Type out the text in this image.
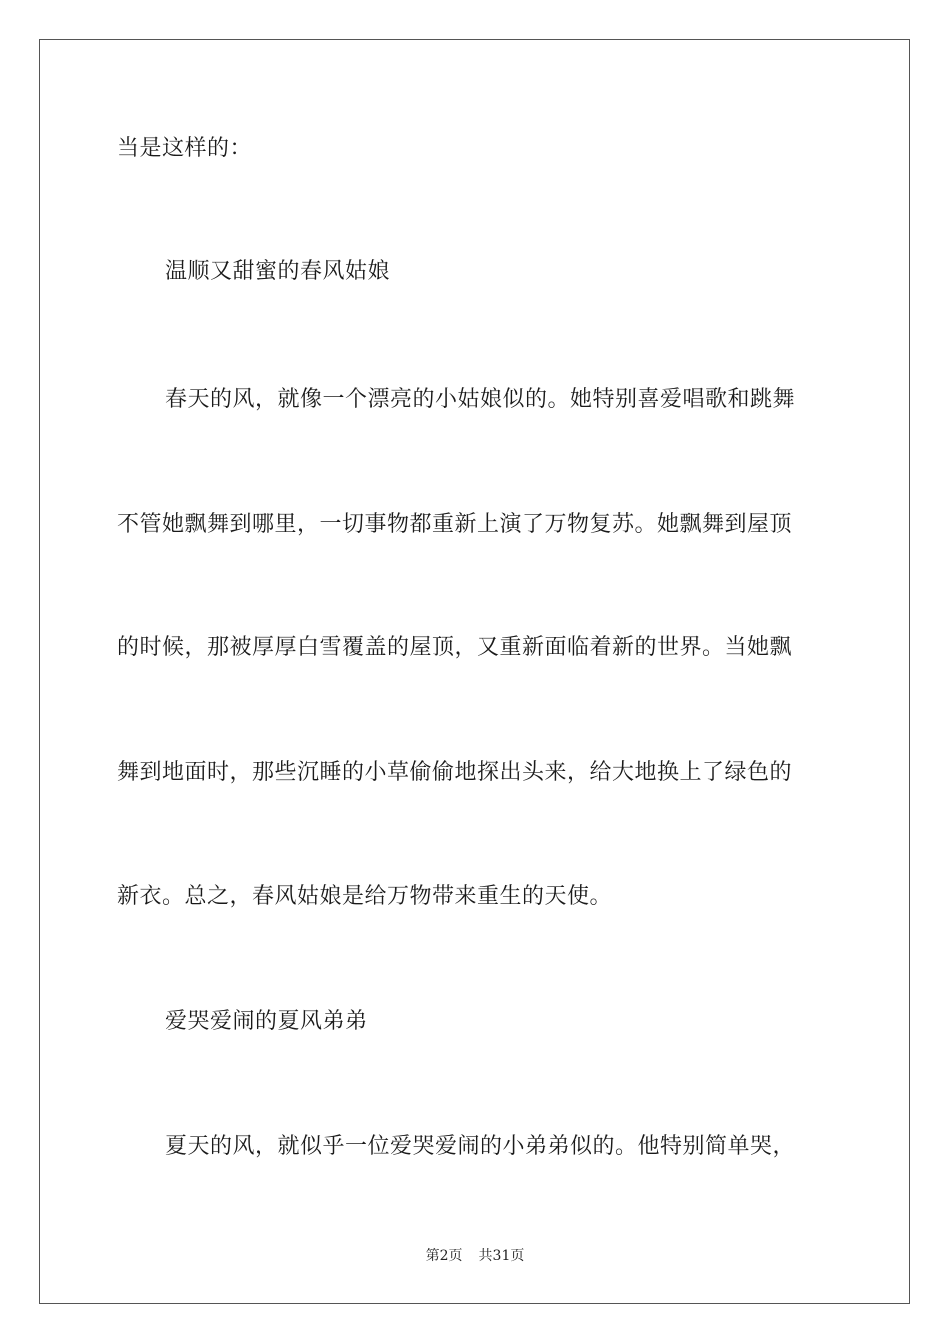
当是这样的：
温顺又甜蜜的春风姑娘
春天的风，就像一个漂亮的小姑娘似的。她特别喜爱唱歌和跳舞
不管她飘舞到哪里，一切事物都重新上演了万物复苏。她飘舞到屋顶
的时候，那被厚厚白雪覆盖的屋顶，又重新面临着新的世界。当她飘
舞到地面时，那些沉睡的小草偷偷地探出头来，给大地换上了绿色的
新衣。总之，春风姑娘是给万物带来重生的天使。
爱哭爱闹的夏风弟弟
夏天的风，就似乎一位爱哭爱闹的小弟弟似的。他特别简单哭，
第2页 共31页
